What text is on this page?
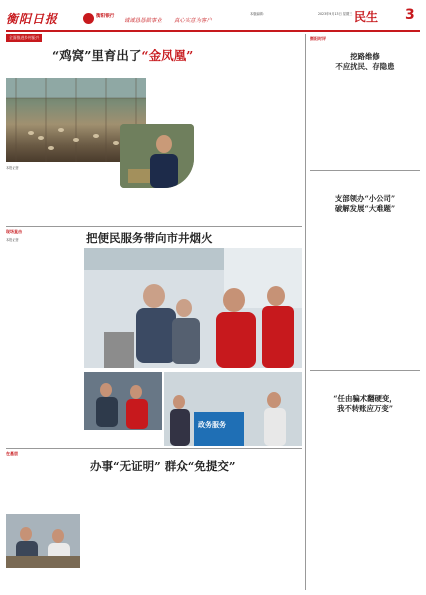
衡阳日报	衡阳银行
诚诚恳恳做事业 真心实意为客户
本版编辑：	2023年9月13日 星期三 民生 3
全面推进乡村振兴
“鸡窝”里育出了“金凤凰”
本报记者

现场直击
本报记者	把便民服务带向市井烟火

政务服务
在基层
办事“无证明” 群众“免提交”

衡阳时评
挖路维修
不应扰民、存隐患

支部领办“小公司”
破解发展“大难题”

“任由骗术翻硬变，
我不转账应万变”
